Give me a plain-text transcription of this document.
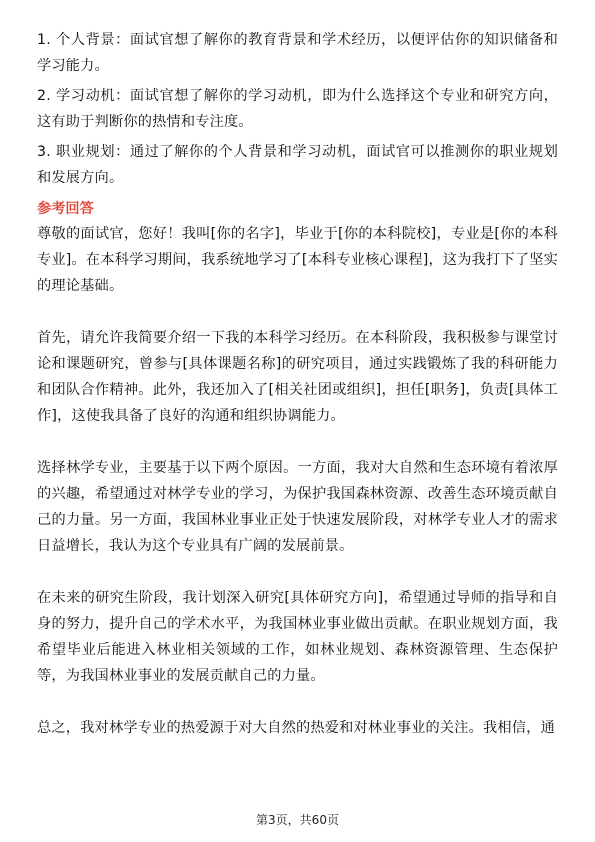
1. 个人背景：面试官想了解你的教育背景和学术经历，以便评估你的知识储备和学习能力。

2. 学习动机：面试官想了解你的学习动机，即为什么选择这个专业和研究方向，这有助于判断你的热情和专注度。

3. 职业规划：通过了解你的个人背景和学习动机，面试官可以推测你的职业规划和发展方向。

参考回答

尊敬的面试官，您好！我叫[你的名字]，毕业于[你的本科院校]，专业是[你的本科专业]。在本科学习期间，我系统地学习了[本科专业核心课程]，这为我打下了坚实的理论基础。

首先，请允许我简要介绍一下我的本科学习经历。在本科阶段，我积极参与课堂讨论和课题研究，曾参与[具体课题名称]的研究项目，通过实践锻炼了我的科研能力和团队合作精神。此外，我还加入了[相关社团或组织]，担任[职务]，负责[具体工作]，这使我具备了良好的沟通和组织协调能力。

选择林学专业，主要基于以下两个原因。一方面，我对大自然和生态环境有着浓厚的兴趣，希望通过对林学专业的学习，为保护我国森林资源、改善生态环境贡献自己的力量。另一方面，我国林业事业正处于快速发展阶段，对林学专业人才的需求日益增长，我认为这个专业具有广阔的发展前景。

在未来的研究生阶段，我计划深入研究[具体研究方向]，希望通过导师的指导和自身的努力，提升自己的学术水平，为我国林业事业做出贡献。在职业规划方面，我希望毕业后能进入林业相关领域的工作，如林业规划、森林资源管理、生态保护等，为我国林业事业的发展贡献自己的力量。

总之，我对林学专业的热爱源于对大自然的热爱和对林业事业的关注。我相信，通

第3页，共60页
